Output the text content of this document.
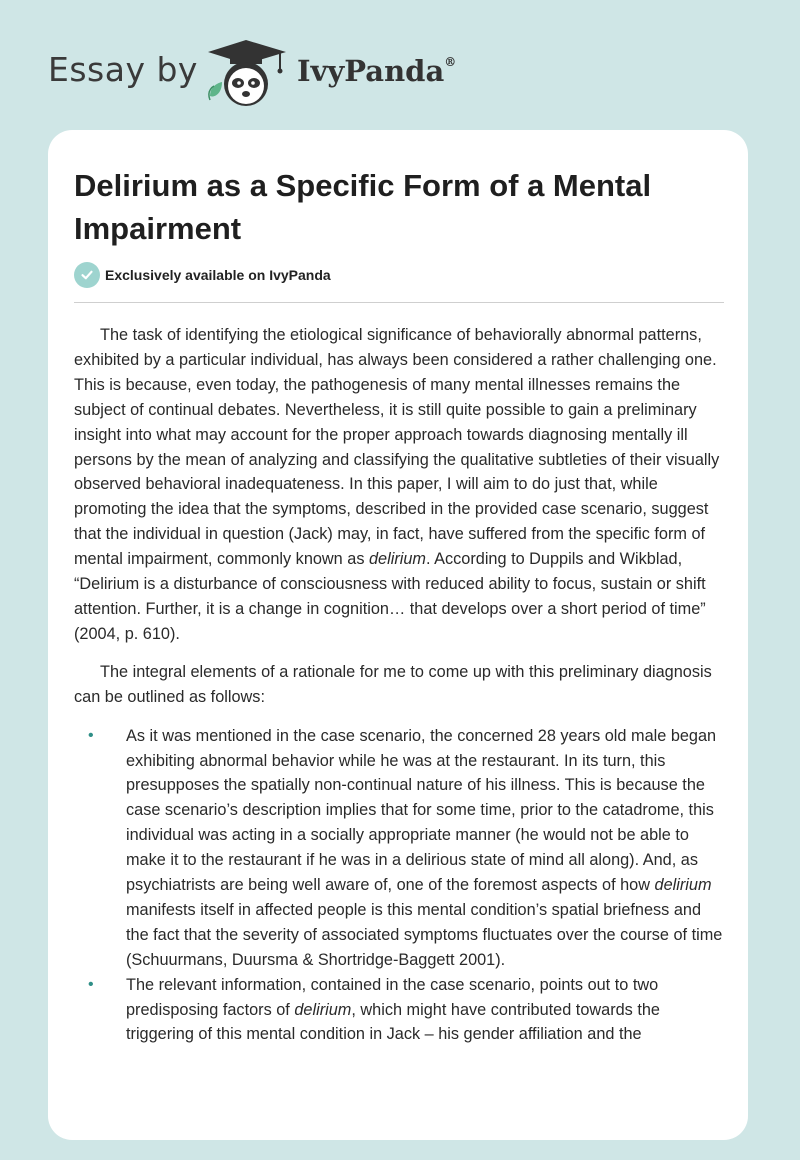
Essay by	IvyPanda®
Delirium as a Specific Form of a Mental Impairment
Exclusively available on IvyPanda

The task of identifying the etiological significance of behaviorally abnormal patterns, exhibited by a particular individual, has always been considered a rather challenging one. This is because, even today, the pathogenesis of many mental illnesses remains the subject of continual debates. Nevertheless, it is still quite possible to gain a preliminary insight into what may account for the proper approach towards diagnosing mentally ill persons by the mean of analyzing and classifying the qualitative subtleties of their visually observed behavioral inadequateness. In this paper, I will aim to do just that, while promoting the idea that the symptoms, described in the provided case scenario, suggest that the individual in question (Jack) may, in fact, have suffered from the specific form of mental impairment, commonly known as delirium. According to Duppils and Wikblad, “Delirium is a disturbance of consciousness with reduced ability to focus, sustain or shift attention. Further, it is a change in cognition… that develops over a short period of time” (2004, p. 610).

The integral elements of a rationale for me to come up with this preliminary diagnosis can be outlined as follows:

• As it was mentioned in the case scenario, the concerned 28 years old male began exhibiting abnormal behavior while he was at the restaurant. In its turn, this presupposes the spatially non-continual nature of his illness. This is because the case scenario’s description implies that for some time, prior to the catadrome, this individual was acting in a socially appropriate manner (he would not be able to make it to the restaurant if he was in a delirious state of mind all along). And, as psychiatrists are being well aware of, one of the foremost aspects of how delirium manifests itself in affected people is this mental condition’s spatial briefness and the fact that the severity of associated symptoms fluctuates over the course of time (Schuurmans, Duursma & Shortridge-Baggett 2001).
• The relevant information, contained in the case scenario, points out to two predisposing factors of delirium, which might have contributed towards the triggering of this mental condition in Jack – his gender affiliation and the
